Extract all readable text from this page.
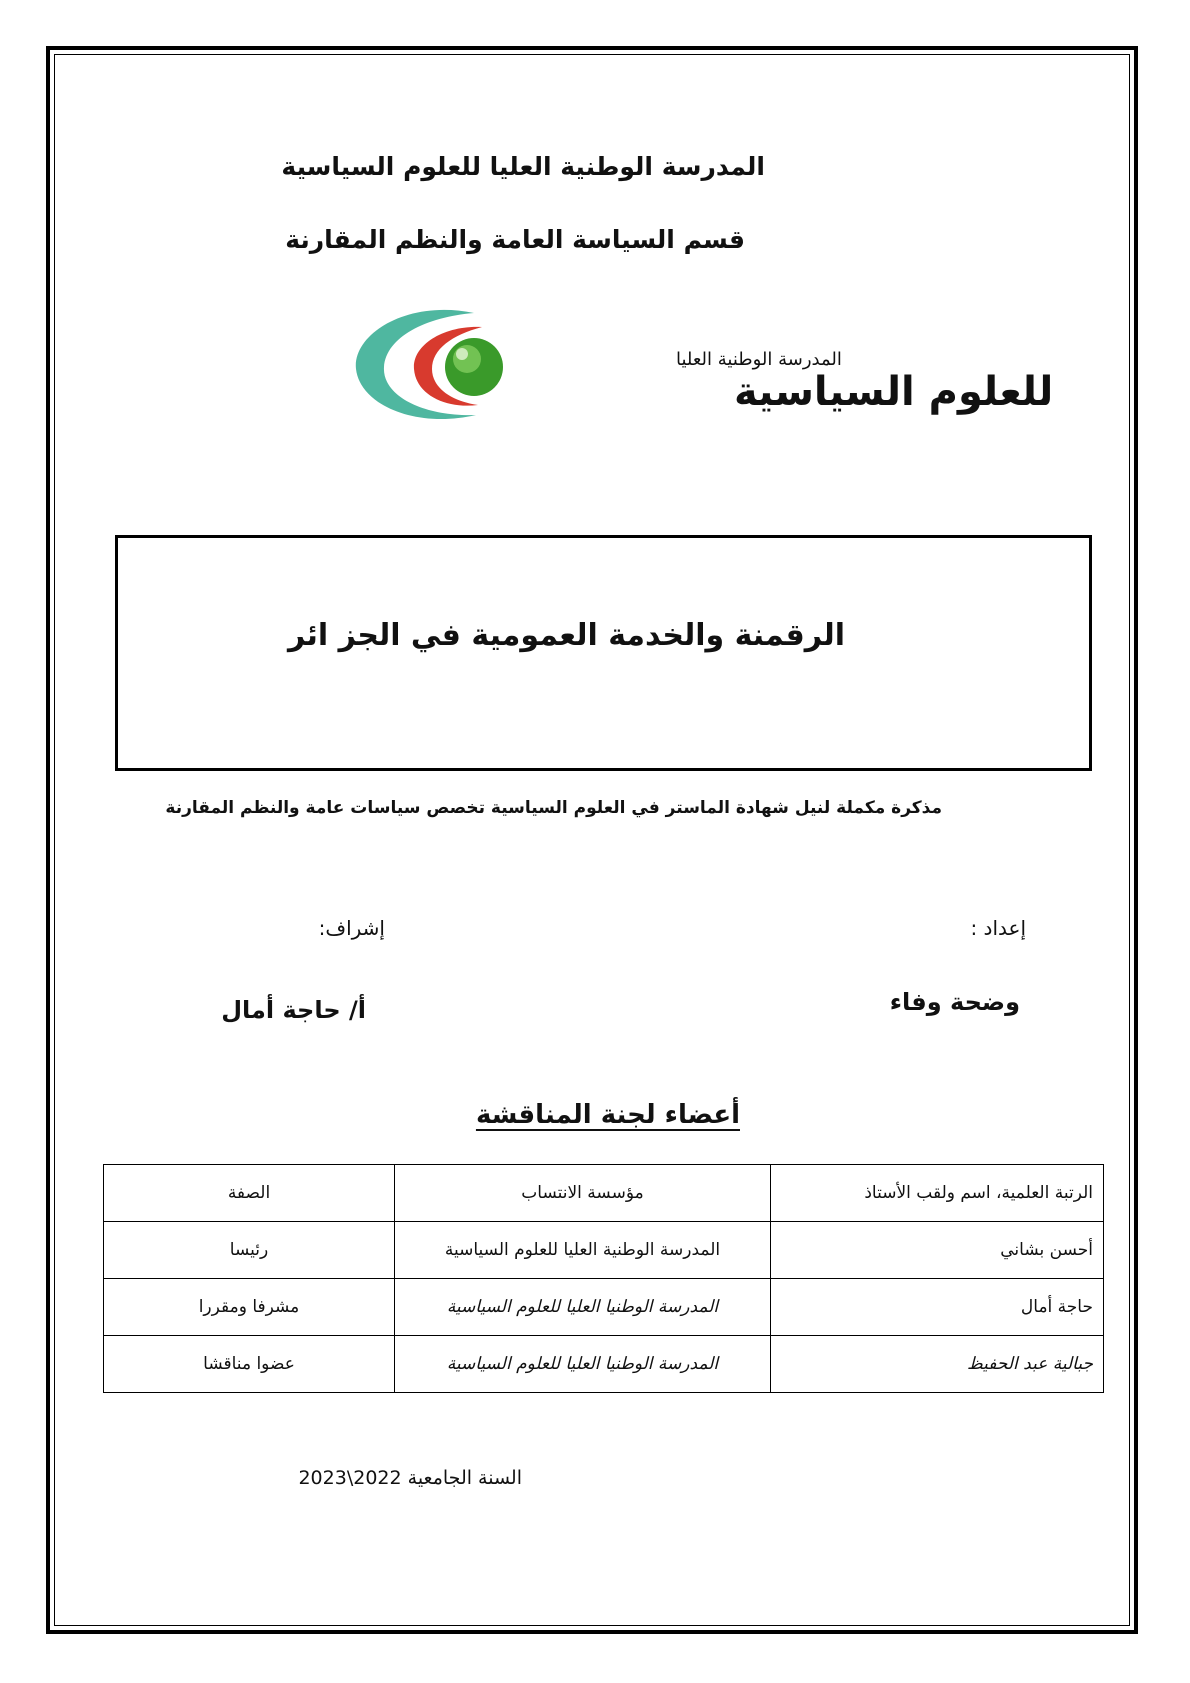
المدرسة الوطنية العليا للعلوم السياسية
قسم السياسة العامة والنظم المقارنة
المدرسة الوطنية العليا
للعلوم السياسية
الرقمنة والخدمة العمومية في الجز ائر
مذكرة مكملة لنيل شهادة الماستر في العلوم السياسية تخصص سياسات عامة والنظم المقارنة
إعداد :
إشراف:
وضحة وفاء
أ/ حاجة أمال
أعضاء لجنة المناقشة
الرتبة العلمية، اسم ولقب الأستاذ	مؤسسة الانتساب	الصفة
أحسن بشاني	المدرسة الوطنية العليا للعلوم السياسية	رئيسا
حاجة أمال	المدرسة الوطنيا العليا للعلوم السياسية	مشرفا ومقررا
جبالية عبد الحفيظ	المدرسة الوطنيا العليا للعلوم السياسية	عضوا مناقشا
السنة الجامعية 2022\2023
